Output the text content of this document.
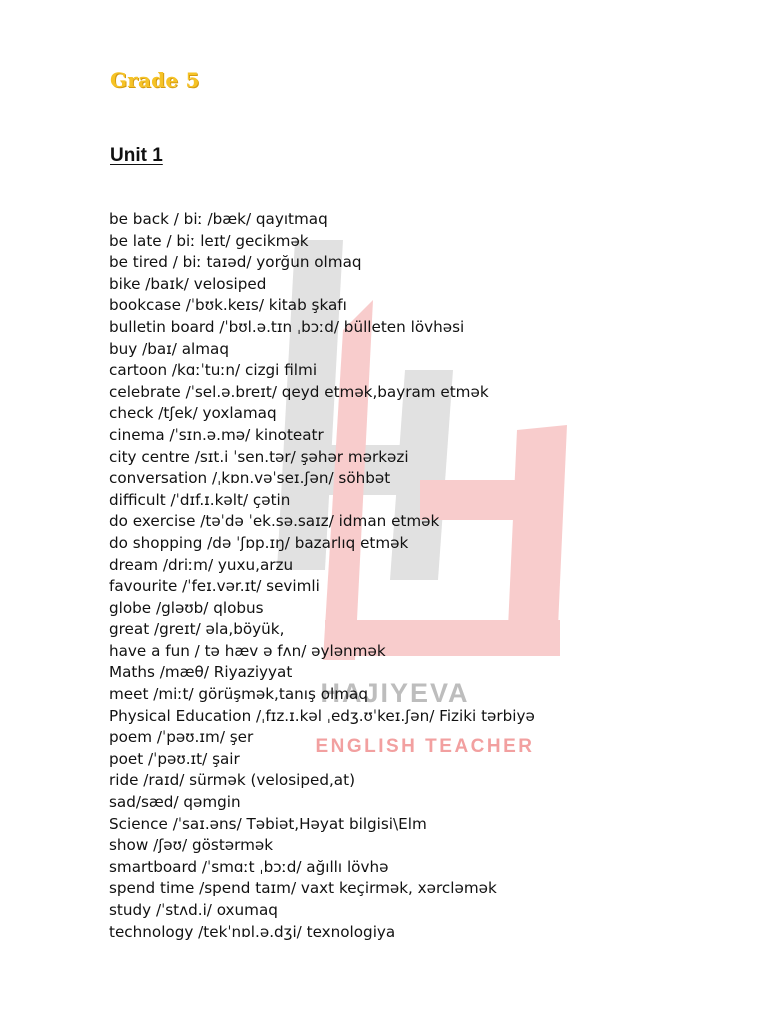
HAJIYEVA
ENGLISH TEACHER
Grade 5
Unit 1
be back / biː /bæk/ qayıtmaq
be late / biː leɪt/ gecikmək
be tired / biː taɪəd/ yorğun olmaq
bike /baɪk/ velosiped
bookcase /ˈbʊk.keɪs/ kitab şkafı
bulletin board /ˈbʊl.ə.tɪn ˌbɔːd/ bülleten lövhəsi
buy /baɪ/ almaq
cartoon /kɑːˈtuːn/ cizgi filmi
celebrate /ˈsel.ə.breɪt/ qeyd etmək,bayram etmək
check /tʃek/ yoxlamaq
cinema /ˈsɪn.ə.mə/ kinoteatr
city centre /sɪt.i ˈsen.tər/ şəhər mərkəzi
conversation /ˌkɒn.vəˈseɪ.ʃən/ söhbət
difficult /ˈdɪf.ɪ.kəlt/ çətin
do exercise /təˈdə ˈek.sə.saɪz/ idman etmək
do shopping /də ˈʃɒp.ɪŋ/ bazarlıq etmək
dream /driːm/ yuxu,arzu
favourite /ˈfeɪ.vər.ɪt/ sevimli
globe /gləʊb/ qlobus
great /greɪt/ əla,böyük,
have a fun / tə hæv ə fʌn/ əylənmək
Maths /mæθ/ Riyaziyyat
meet /miːt/ görüşmək,tanış olmaq
Physical Education /ˌfɪz.ɪ.kəl ˌedʒ.ʊˈkeɪ.ʃən/ Fiziki tərbiyə
poem /ˈpəʊ.ɪm/ şer
poet /ˈpəʊ.ɪt/ şair
ride /raɪd/ sürmək (velosiped,at)
sad/sæd/ qəmgin
Science /ˈsaɪ.əns/ Təbiət,Həyat bilgisi\Elm
show /ʃəʊ/ göstərmək
smartboard /ˈsmɑːt ˌbɔːd/ ağıllı lövhə
spend time /spend taɪm/ vaxt keçirmək, xərcləmək
study /ˈstʌd.i/ oxumaq
technology /tekˈnɒl.ə.dʒi/ texnologiya
